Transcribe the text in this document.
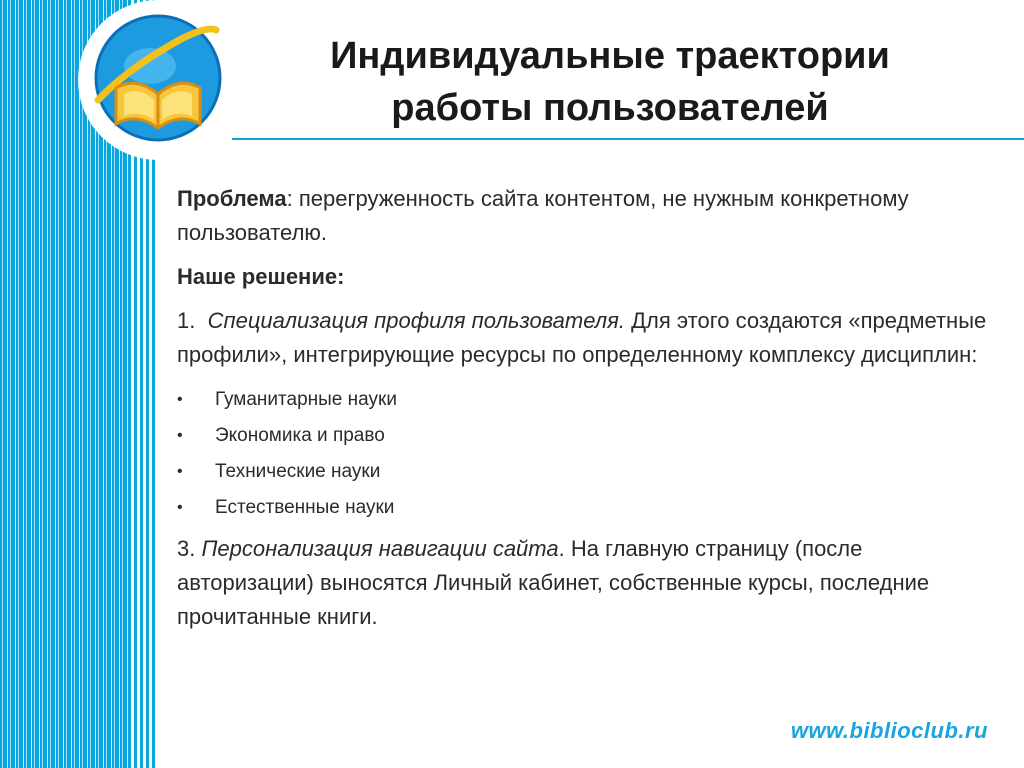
Индивидуальные траектории
работы пользователей

Проблема: перегруженность сайта контентом, не нужным конкретному пользователю.

Наше решение:

1. Специализация профиля пользователя. Для этого создаются «предметные профили», интегрирующие ресурсы по определенному комплексу дисциплин:

• Гуманитарные науки
• Экономика и право
• Технические науки
• Естественные науки

3. Персонализация навигации сайта. На главную страницу (после авторизации) выносятся Личный кабинет, собственные курсы, последние прочитанные книги.

www.biblioclub.ru
